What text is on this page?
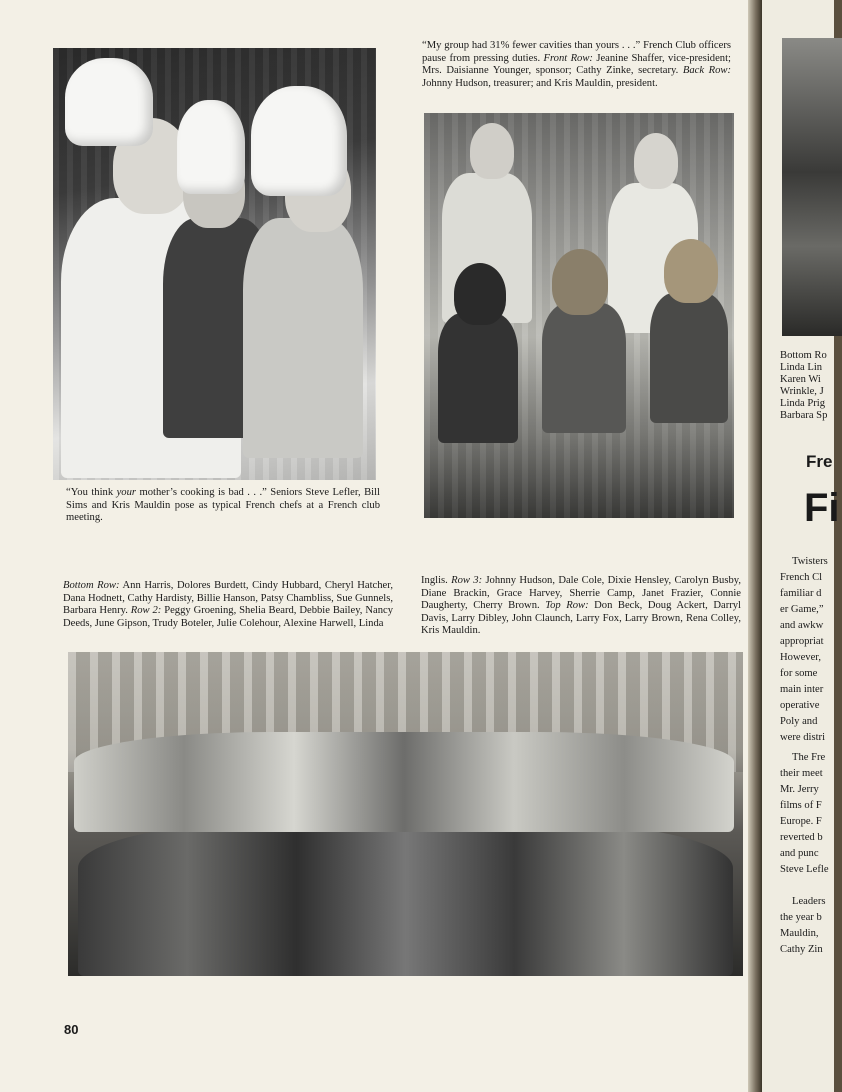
“You think your mother’s cooking is bad . . .” Seniors Steve Lefler, Bill Sims and Kris Mauldin pose as typical French chefs at a French club meeting.
“My group had 31% fewer cavities than yours . . .” French Club officers pause from pressing duties. Front Row: Jeanine Shaffer, vice-president; Mrs. Daisianne Younger, sponsor; Cathy Zinke, secretary. Back Row: Johnny Hudson, treasurer; and Kris Mauldin, president.
Bottom Row: Ann Harris, Dolores Burdett, Cindy Hubbard, Cheryl Hatcher, Dana Hodnett, Cathy Hardisty, Billie Hanson, Patsy Chambliss, Sue Gunnels, Barbara Henry. Row 2: Peggy Groening, Shelia Beard, Debbie Bailey, Nancy Deeds, June Gipson, Trudy Boteler, Julie Colehour, Alexine Harwell, Linda
Inglis. Row 3: Johnny Hudson, Dale Cole, Dixie Hensley, Carolyn Busby, Diane Brackin, Grace Harvey, Sherrie Camp, Janet Frazier, Connie Daugherty, Cherry Brown. Top Row: Don Beck, Doug Ackert, Darryl Davis, Larry Dibley, John Claunch, Larry Fox, Larry Brown, Rena Colley, Kris Mauldin.
80
Bottom Ro
Linda Lin
Karen Wi
Wrinkle, J
Linda Prig
Barbara Sp
Fre
Fi
Twisters
French Cl
familiar d
er Game,”
and awkw
appropriat
However,
for some
main inter
operative
Poly and
were distri
The Fre
their meet
Mr. Jerry
films of F
Europe. F
reverted b
and punc
Steve Lefle
Leaders
the year b
Mauldin,
Cathy Zin
